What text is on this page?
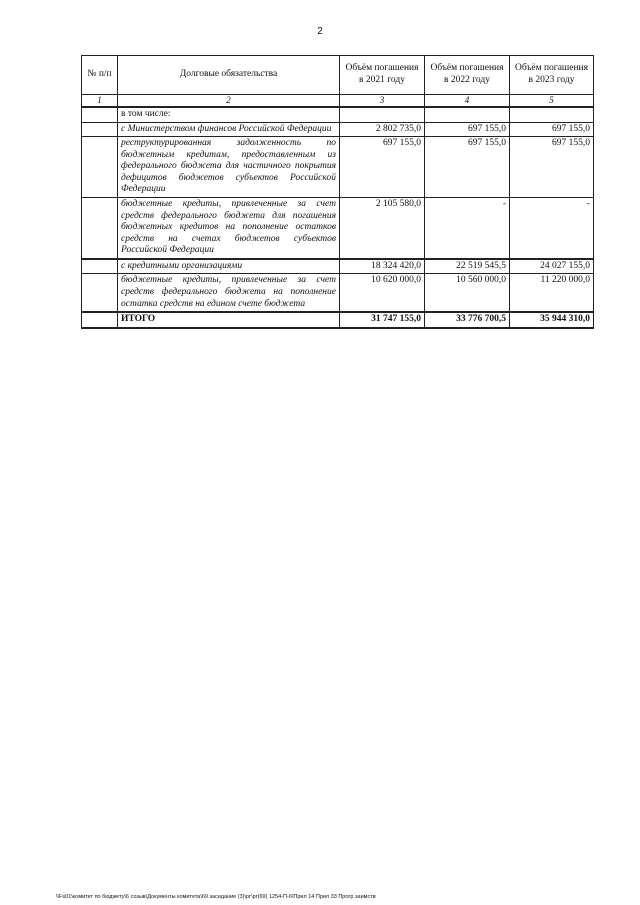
2
№ п/п	Долговые обязательства	Объём погашения в 2021 году	Объём погашения в 2022 году	Объём погашения в 2023 году
1	2	3	4	5
	в том числе:			
	с Министерством финансов Российской Федерации	2 802 735,0	697 155,0	697 155,0
	реструктурированная задолженность по бюджетным кредитам, предоставленным из федерального бюджета для частичного покрытия дефицитов бюджетов субъектов Российской Федерации	697 155,0	697 155,0	697 155,0
	бюджетные кредиты, привлеченные за счет средств федерального бюджета для погашения бюджетных кредитов на пополнение остатков средств на счетах бюджетов субъектов Российской Федерации	2 105 580,0	-	-
	с кредитными организациями	18 324 420,0	22 519 545,5	24 027 155,0
	бюджетные кредиты, привлеченные за счет средств федерального бюджета на пополнение остатка средств на едином счете бюджета	10 620 000,0	10 560 000,0	11 220 000,0
	ИТОГО	31 747 155,0	33 776 700,5	35 944 310,0
\\Fs01\комитет по бюджету\6 созыв\Документы комитета\69 заседание (3)\рг\рг(69) 1254-П-6\Прил 14 Прил 33 Прогр заимств
